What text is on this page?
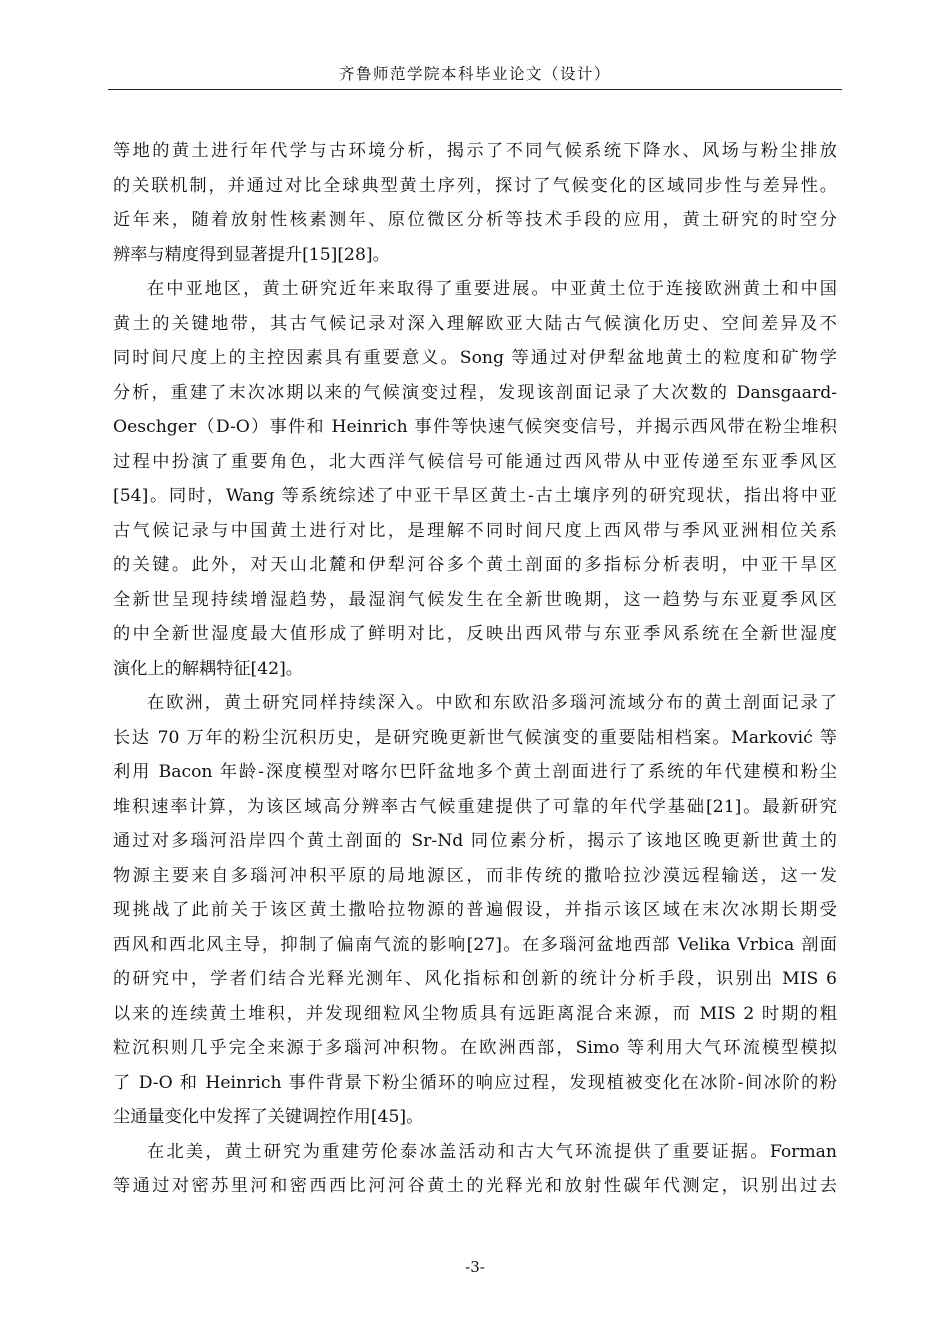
齐鲁师范学院本科毕业论文（设计）
等地的黄土进行年代学与古环境分析，揭示了不同气候系统下降水、风场与粉尘排放
的关联机制，并通过对比全球典型黄土序列，探讨了气候变化的区域同步性与差异性。
近年来，随着放射性核素测年、原位微区分析等技术手段的应用，黄土研究的时空分
辨率与精度得到显著提升[15][28]。
在中亚地区，黄土研究近年来取得了重要进展。中亚黄土位于连接欧洲黄土和中国
黄土的关键地带，其古气候记录对深入理解欧亚大陆古气候演化历史、空间差异及不
同时间尺度上的主控因素具有重要意义。Song 等通过对伊犁盆地黄土的粒度和矿物学
分析，重建了末次冰期以来的气候演变过程，发现该剖面记录了大次数的 Dansgaard-
Oeschger（D-O）事件和 Heinrich 事件等快速气候突变信号，并揭示西风带在粉尘堆积
过程中扮演了重要角色，北大西洋气候信号可能通过西风带从中亚传递至东亚季风区
[54]。同时，Wang 等系统综述了中亚干旱区黄土-古土壤序列的研究现状，指出将中亚
古气候记录与中国黄土进行对比，是理解不同时间尺度上西风带与季风亚洲相位关系
的关键。此外，对天山北麓和伊犁河谷多个黄土剖面的多指标分析表明，中亚干旱区
全新世呈现持续增湿趋势，最湿润气候发生在全新世晚期，这一趋势与东亚夏季风区
的中全新世湿度最大值形成了鲜明对比，反映出西风带与东亚季风系统在全新世湿度
演化上的解耦特征[42]。
在欧洲，黄土研究同样持续深入。中欧和东欧沿多瑙河流域分布的黄土剖面记录了
长达 70 万年的粉尘沉积历史，是研究晚更新世气候演变的重要陆相档案。Marković 等
利用 Bacon 年龄-深度模型对喀尔巴阡盆地多个黄土剖面进行了系统的年代建模和粉尘
堆积速率计算，为该区域高分辨率古气候重建提供了可靠的年代学基础[21]。最新研究
通过对多瑙河沿岸四个黄土剖面的 Sr-Nd 同位素分析，揭示了该地区晚更新世黄土的
物源主要来自多瑙河冲积平原的局地源区，而非传统的撒哈拉沙漠远程输送，这一发
现挑战了此前关于该区黄土撒哈拉物源的普遍假设，并指示该区域在末次冰期长期受
西风和西北风主导，抑制了偏南气流的影响[27]。在多瑙河盆地西部 Velika Vrbica 剖面
的研究中，学者们结合光释光测年、风化指标和创新的统计分析手段，识别出 MIS 6
以来的连续黄土堆积，并发现细粒风尘物质具有远距离混合来源，而 MIS 2 时期的粗
粒沉积则几乎完全来源于多瑙河冲积物。在欧洲西部，Simo 等利用大气环流模型模拟
了 D-O 和 Heinrich 事件背景下粉尘循环的响应过程，发现植被变化在冰阶-间冰阶的粉
尘通量变化中发挥了关键调控作用[45]。
在北美，黄土研究为重建劳伦泰冰盖活动和古大气环流提供了重要证据。Forman
等通过对密苏里河和密西西比河河谷黄土的光释光和放射性碳年代测定，识别出过去
-3-
